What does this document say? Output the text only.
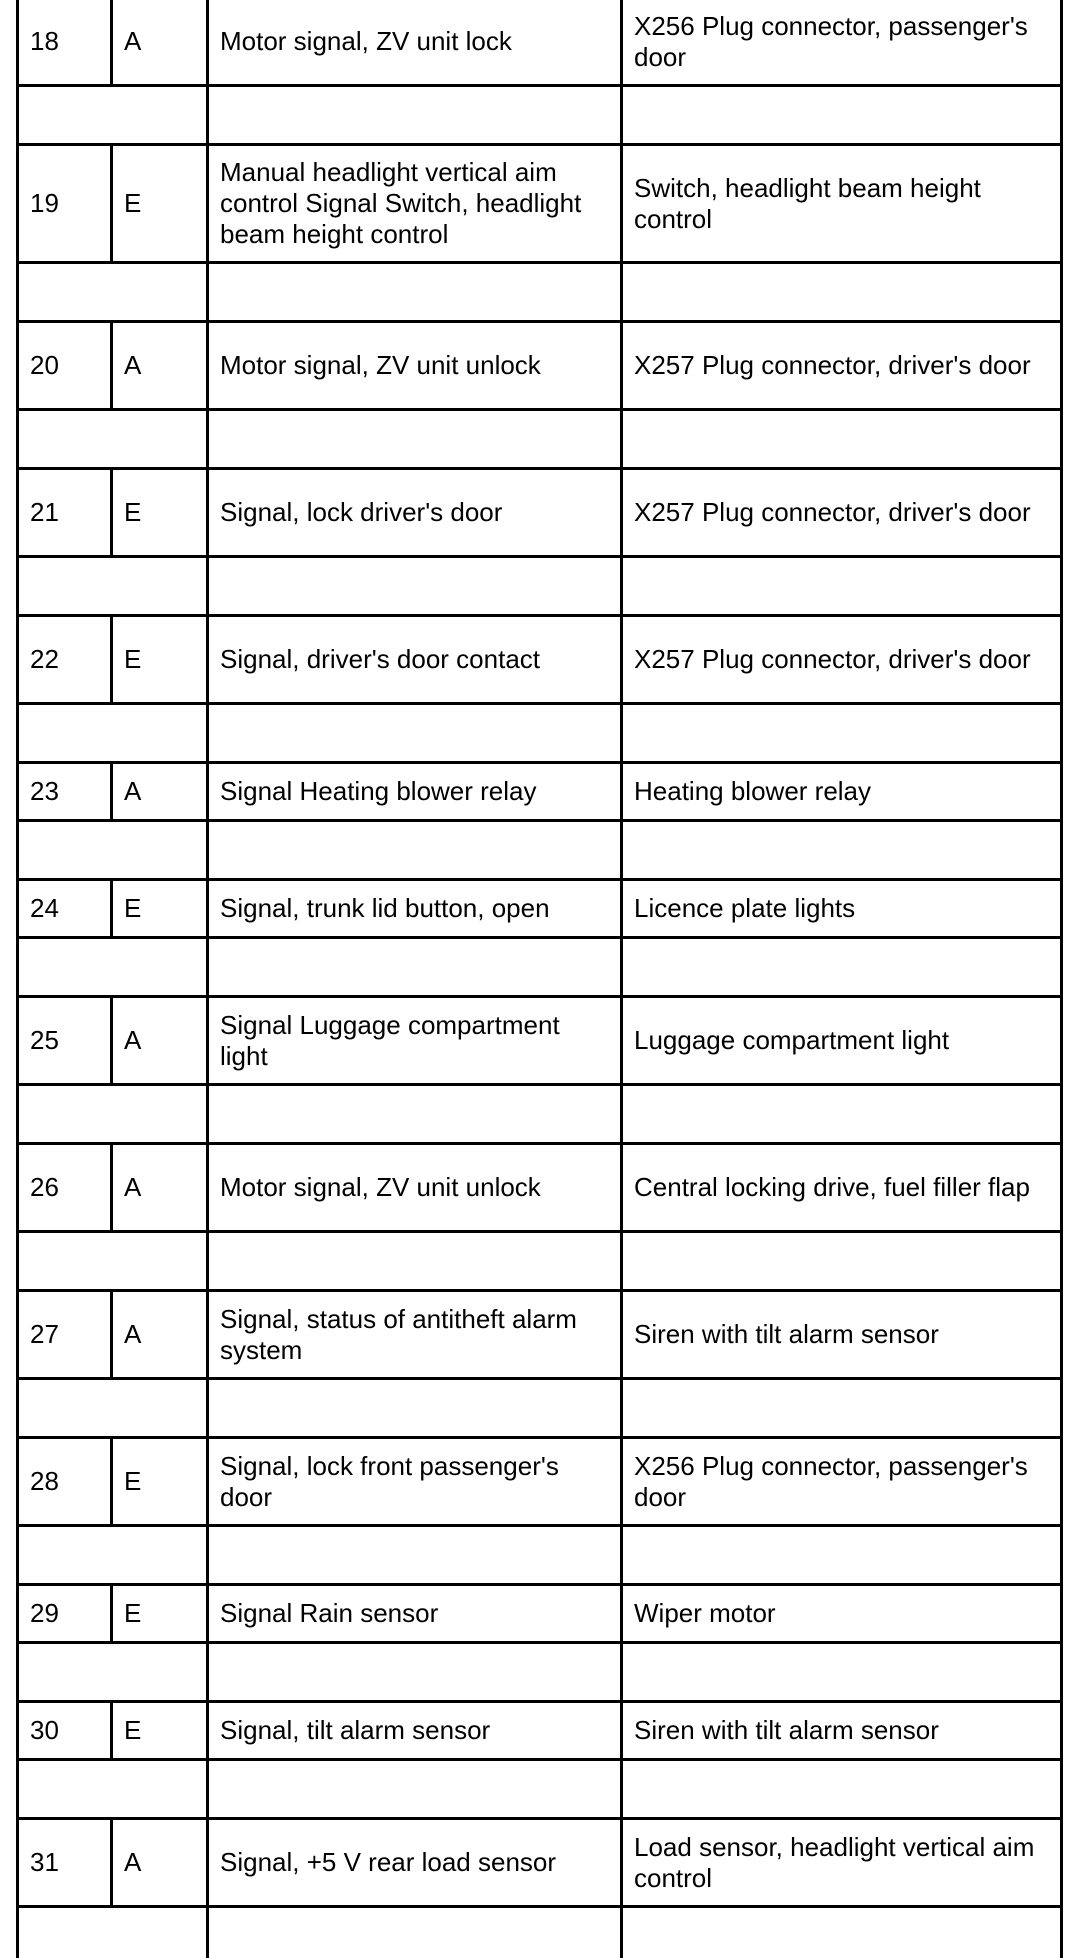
18	A	Motor signal, ZV unit lock	X256 Plug connector, passenger's door

19	E	Manual headlight vertical aim control Signal Switch, headlight beam height control	Switch, headlight beam height control

20	A	Motor signal, ZV unit unlock	X257 Plug connector, driver's door

21	E	Signal, lock driver's door	X257 Plug connector, driver's door

22	E	Signal, driver's door contact	X257 Plug connector, driver's door

23	A	Signal Heating blower relay	Heating blower relay

24	E	Signal, trunk lid button, open	Licence plate lights

25	A	Signal Luggage compartment light	Luggage compartment light

26	A	Motor signal, ZV unit unlock	Central locking drive, fuel filler flap

27	A	Signal, status of antitheft alarm system	Siren with tilt alarm sensor

28	E	Signal, lock front passenger's door	X256 Plug connector, passenger's door

29	E	Signal Rain sensor	Wiper motor

30	E	Signal, tilt alarm sensor	Siren with tilt alarm sensor

31	A	Signal, +5 V rear load sensor	Load sensor, headlight vertical aim control
